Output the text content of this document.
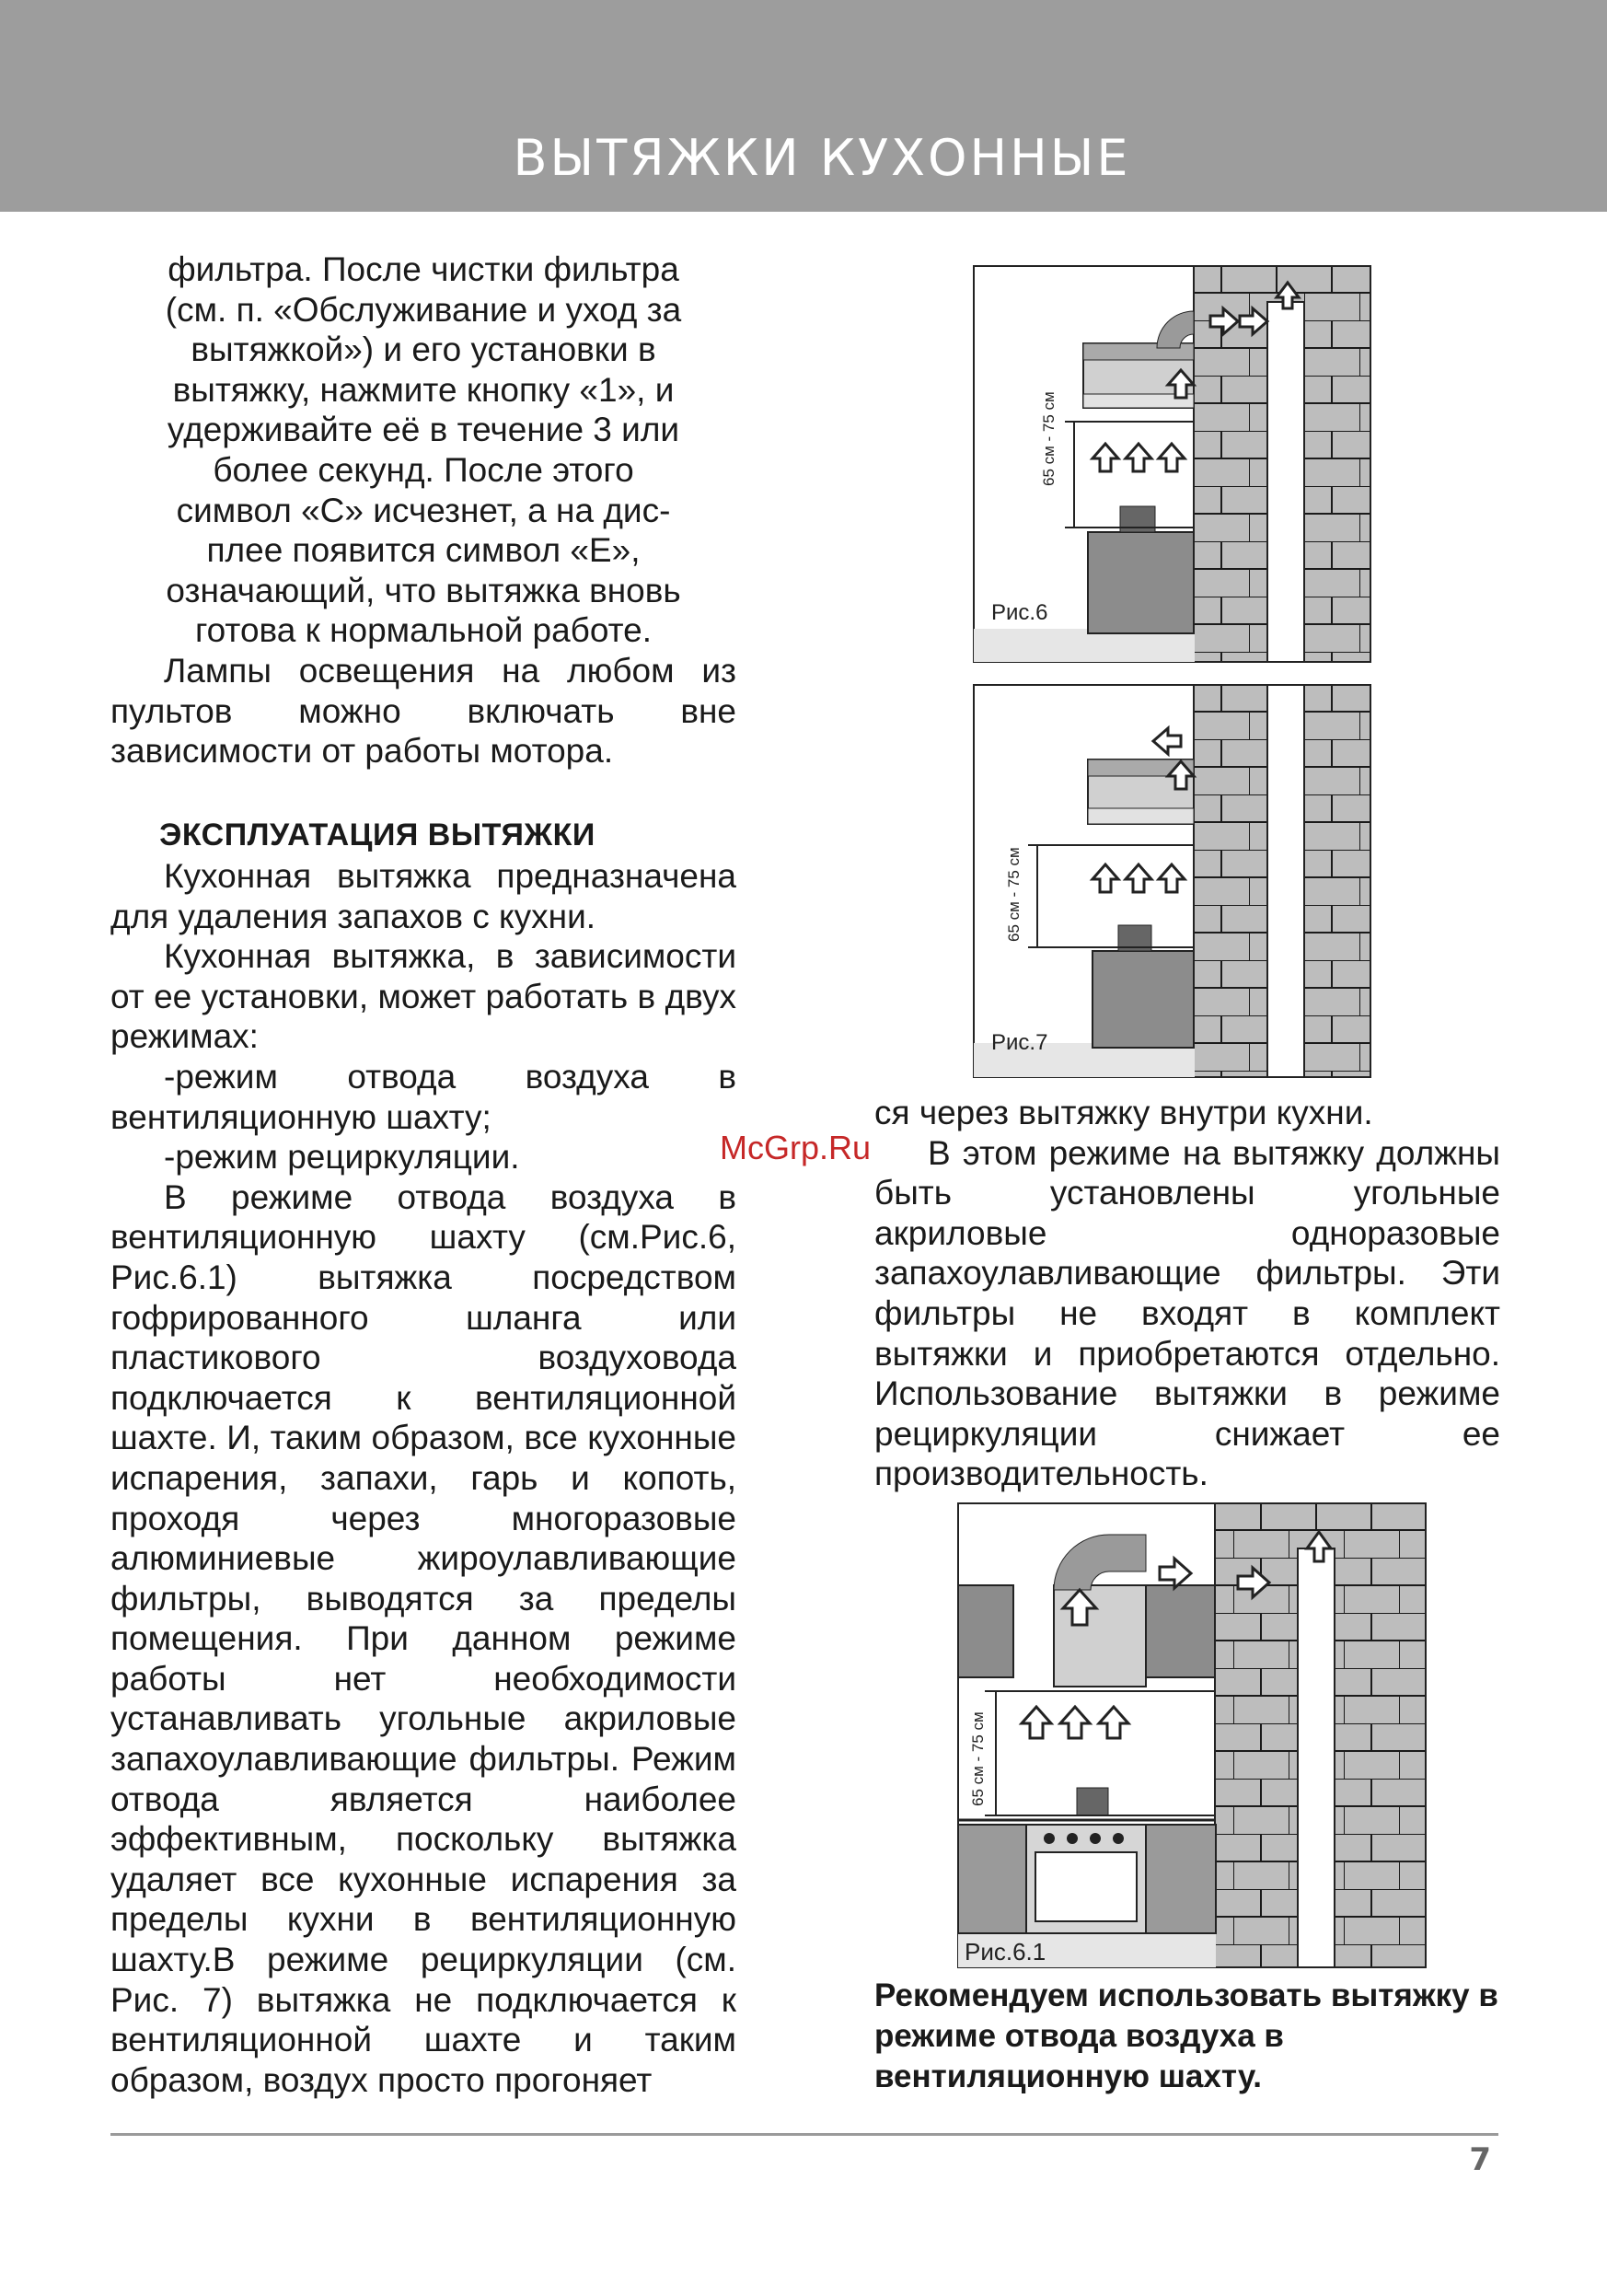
ВЫТЯЖКИ КУХОННЫЕ

фильтра. После чистки фильтра

(см. п. «Обслуживание и уход за

вытяжкой») и его установки в

вытяжку, нажмите кнопку «1», и

удерживайте её в течение 3 или

более секунд. После этого

символ «С» исчезнет, а на дис-

плее появится символ «Е»,

означающий, что вытяжка вновь

готова к нормальной работе.

Лампы освещения на любом из пультов можно включать вне зависимости от работы мотора.

ЭКСПЛУАТАЦИЯ ВЫТЯЖКИ

Кухонная вытяжка предназначена для удаления запахов с кухни.

Кухонная вытяжка, в зависимости от ее установки, может работать в двух режимах:

-режим отвода воздуха в вентиляционную шахту;

-режим рециркуляции.

В режиме отвода воздуха в вентиляционную шахту (см.Рис.6, Рис.6.1) вытяжка посредством гофрированного шланга или пластикового воздуховода подключается к вентиляционной шахте. И, таким образом, все кухонные испарения, запахи, гарь и копоть, проходя через многоразовые алюминиевые жироулавливающие фильтры, выводятся за пределы помещения. При данном режиме работы нет необходимости устанавливать угольные акриловые запахоулавливающие фильтры. Режим отвода является наиболее эффективным, поскольку вытяжка удаляет все кухонные испарения за пределы кухни в вентиляционную шахту.В режиме рециркуляции (см. Рис. 7) вытяжка не подключается к вентиляционной шахте и таким образом, воздух просто прогоняет

ся через вытяжку внутри кухни.

В этом режиме на вытяжку должны быть установлены угольные акриловые одноразовые запахоулавливающие фильтры. Эти фильтры не входят в комплект вытяжки и приобретаются отдельно. Использование вытяжки в режиме рециркуляции снижает ее производительность.

Рекомендуем использовать вытяжку в режиме отвода воздуха в вентиляционную шахту.

McGrp.Ru
65 см - 75 см
Рис.6
65 см - 75 см
Рис.7
65 см - 75 см
Рис.6.1
7
